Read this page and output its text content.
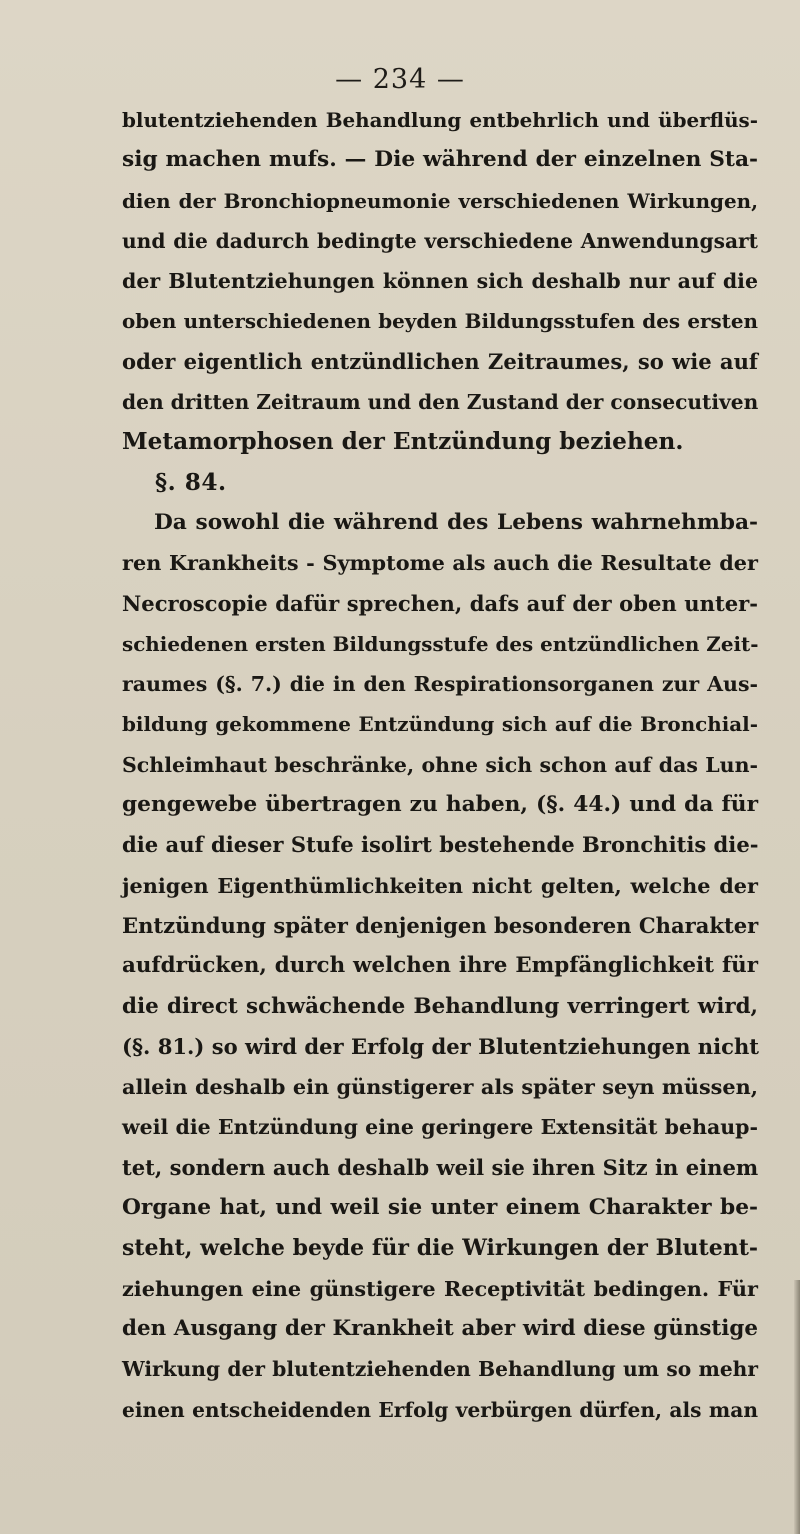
— 234 —
blutentziehenden Behandlung entbehrlich und überflüs-
sig machen mufs. — Die während der einzelnen Sta-
dien der Bronchiopneumonie verschiedenen Wirkungen,
und die dadurch bedingte verschiedene Anwendungsart
der Blutentziehungen können sich deshalb nur auf die
oben unterschiedenen beyden Bildungsstufen des ersten
oder eigentlich entzündlichen Zeitraumes, so wie auf
den dritten Zeitraum und den Zustand der consecutiven
Metamorphosen der Entzündung beziehen.
§. 84.
Da sowohl die während des Lebens wahrnehmba-
ren Krankheits - Symptome als auch die Resultate der
Necroscopie dafür sprechen, dafs auf der oben unter-
schiedenen ersten Bildungsstufe des entzündlichen Zeit-
raumes (§. 7.) die in den Respirationsorganen zur Aus-
bildung gekommene Entzündung sich auf die Bronchial-
Schleimhaut beschränke, ohne sich schon auf das Lun-
gengewebe übertragen zu haben, (§. 44.) und da für
die auf dieser Stufe isolirt bestehende Bronchitis die-
jenigen Eigenthümlichkeiten nicht gelten, welche der
Entzündung später denjenigen besonderen Charakter
aufdrücken, durch welchen ihre Empfänglichkeit für
die direct schwächende Behandlung verringert wird,
(§. 81.) so wird der Erfolg der Blutentziehungen nicht
allein deshalb ein günstigerer als später seyn müssen,
weil die Entzündung eine geringere Extensität behaup-
tet, sondern auch deshalb weil sie ihren Sitz in einem
Organe hat, und weil sie unter einem Charakter be-
steht, welche beyde für die Wirkungen der Blutent-
ziehungen eine günstigere Receptivität bedingen. Für
den Ausgang der Krankheit aber wird diese günstige
Wirkung der blutentziehenden Behandlung um so mehr
einen entscheidenden Erfolg verbürgen dürfen, als man
